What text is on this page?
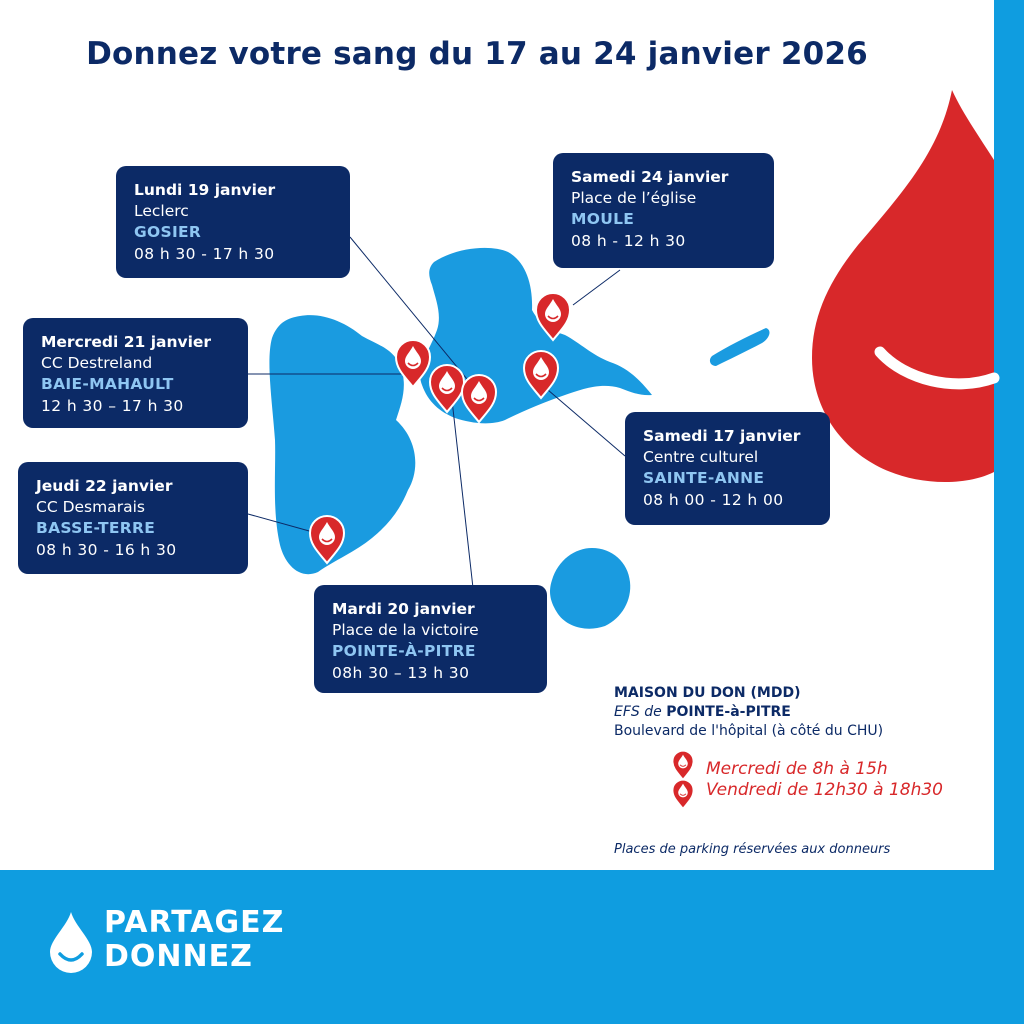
Donnez votre sang du 17 au 24 janvier 2026
Lundi 19 janvier
Leclerc
GOSIER
08 h 30 - 17 h 30
Samedi 24 janvier
Place de l’église
MOULE
08 h - 12 h 30
Mercredi 21 janvier
CC Destreland
BAIE-MAHAULT
12 h 30 – 17 h 30
Samedi 17 janvier
Centre culturel
SAINTE-ANNE
08 h 00 - 12 h 00
Jeudi 22 janvier
CC Desmarais
BASSE-TERRE
08 h 30 - 16 h 30
Mardi 20 janvier
Place de la victoire
POINTE-À-PITRE
08h 30 – 13 h 30
MAISON DU DON (MDD)
EFS de POINTE-à-PITRE
Boulevard de l'hôpital (à côté du CHU)
Mercredi de 8h à 15h
Vendredi de 12h30 à 18h30
Places de parking réservées aux donneurs
PARTAGEZ
DONNEZ
